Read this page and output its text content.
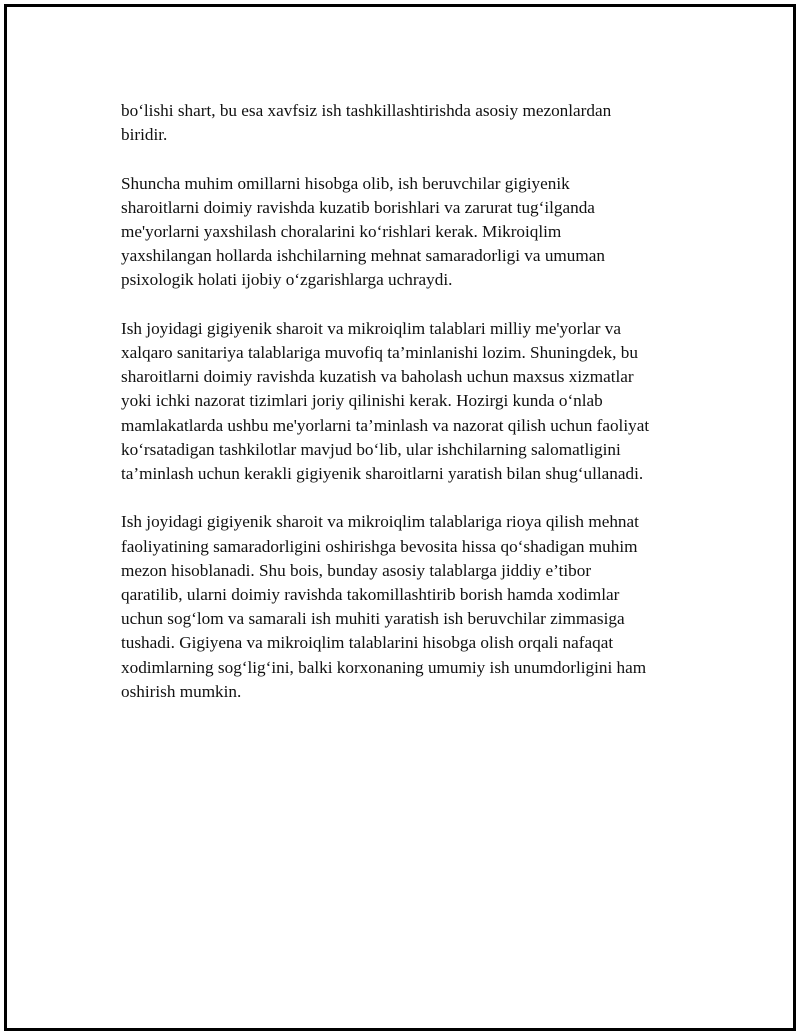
bo‘lishi shart, bu esa xavfsiz ish tashkillashtirishda asosiy mezonlardan
biridir.

Shuncha muhim omillarni hisobga olib, ish beruvchilar gigiyenik
sharoitlarni doimiy ravishda kuzatib borishlari va zarurat tug‘ilganda
me'yorlarni yaxshilash choralarini ko‘rishlari kerak. Mikroiqlim
yaxshilangan hollarda ishchilarning mehnat samaradorligi va umuman
psixologik holati ijobiy o‘zgarishlarga uchraydi.

Ish joyidagi gigiyenik sharoit va mikroiqlim talablari milliy me'yorlar va
xalqaro sanitariya talablariga muvofiq ta’minlanishi lozim. Shuningdek, bu
sharoitlarni doimiy ravishda kuzatish va baholash uchun maxsus xizmatlar
yoki ichki nazorat tizimlari joriy qilinishi kerak. Hozirgi kunda o‘nlab
mamlakatlarda ushbu me'yorlarni ta’minlash va nazorat qilish uchun faoliyat
ko‘rsatadigan tashkilotlar mavjud bo‘lib, ular ishchilarning salomatligini
ta’minlash uchun kerakli gigiyenik sharoitlarni yaratish bilan shug‘ullanadi.

Ish joyidagi gigiyenik sharoit va mikroiqlim talablariga rioya qilish mehnat
faoliyatining samaradorligini oshirishga bevosita hissa qo‘shadigan muhim
mezon hisoblanadi. Shu bois, bunday asosiy talablarga jiddiy e’tibor
qaratilib, ularni doimiy ravishda takomillashtirib borish hamda xodimlar
uchun sog‘lom va samarali ish muhiti yaratish ish beruvchilar zimmasiga
tushadi. Gigiyena va mikroiqlim talablarini hisobga olish orqali nafaqat
xodimlarning sog‘lig‘ini, balki korxonaning umumiy ish unumdorligini ham
oshirish mumkin.
